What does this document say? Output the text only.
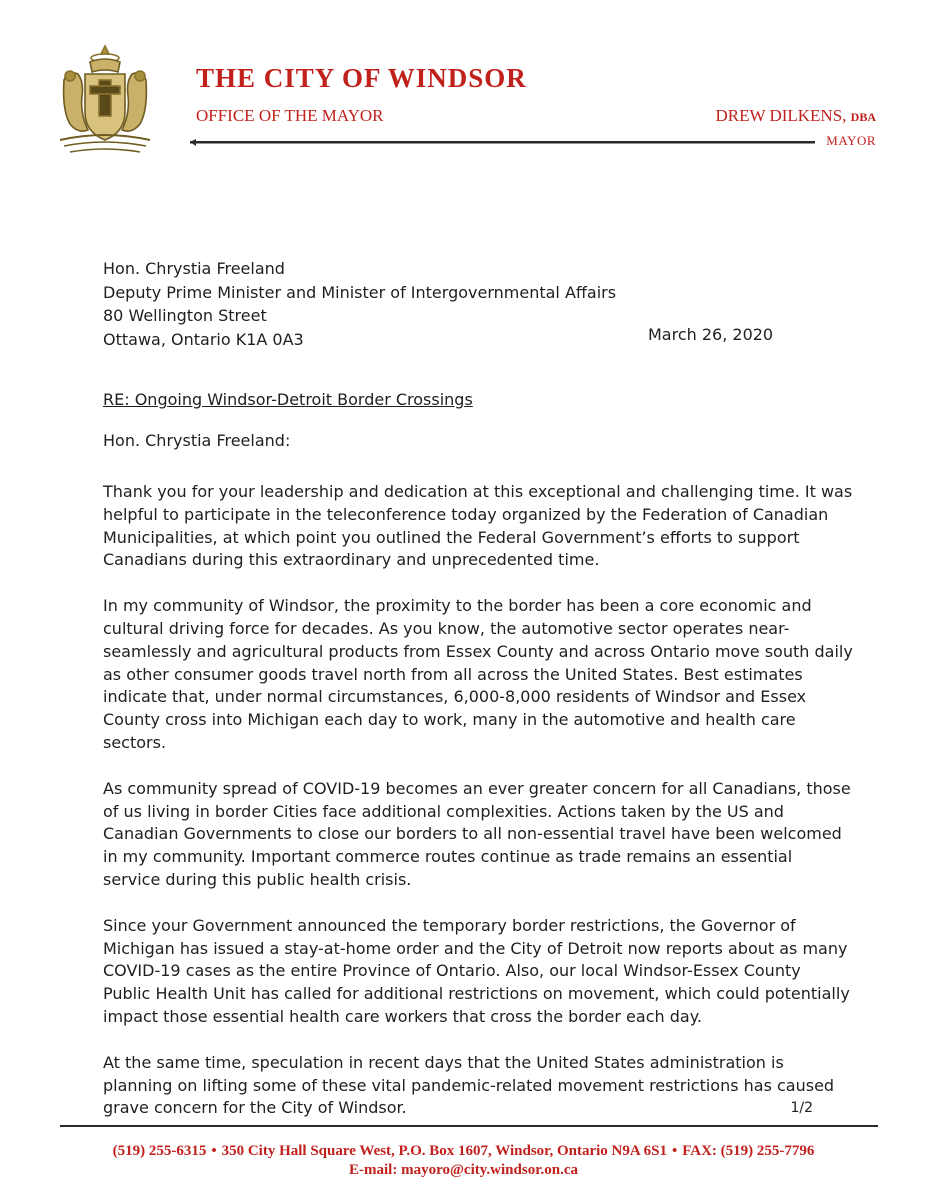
THE CITY OF WINDSOR
OFFICE OF THE MAYOR	DREW DILKENS, DBA
MAYOR
Hon. Chrystia Freeland
Deputy Prime Minister and Minister of Intergovernmental Affairs
80 Wellington Street
Ottawa, Ontario K1A 0A3	March 26, 2020
RE: Ongoing Windsor-Detroit Border Crossings
Hon. Chrystia Freeland:

Thank you for your leadership and dedication at this exceptional and challenging time. It was helpful to participate in the teleconference today organized by the Federation of Canadian Municipalities, at which point you outlined the Federal Government’s efforts to support Canadians during this extraordinary and unprecedented time.

In my community of Windsor, the proximity to the border has been a core economic and cultural driving force for decades. As you know, the automotive sector operates near-seamlessly and agricultural products from Essex County and across Ontario move south daily as other consumer goods travel north from all across the United States. Best estimates indicate that, under normal circumstances, 6,000-8,000 residents of Windsor and Essex County cross into Michigan each day to work, many in the automotive and health care sectors.

As community spread of COVID-19 becomes an ever greater concern for all Canadians, those of us living in border Cities face additional complexities. Actions taken by the US and Canadian Governments to close our borders to all non-essential travel have been welcomed in my community. Important commerce routes continue as trade remains an essential service during this public health crisis.

Since your Government announced the temporary border restrictions, the Governor of Michigan has issued a stay-at-home order and the City of Detroit now reports about as many COVID-19 cases as the entire Province of Ontario. Also, our local Windsor-Essex County Public Health Unit has called for additional restrictions on movement, which could potentially impact those essential health care workers that cross the border each day.

At the same time, speculation in recent days that the United States administration is planning on lifting some of these vital pandemic-related movement restrictions has caused grave concern for the City of Windsor.	1/2
(519) 255-6315 • 350 City Hall Square West, P.O. Box 1607, Windsor, Ontario N9A 6S1 • FAX: (519) 255-7796
E-mail: mayoro@city.windsor.on.ca
